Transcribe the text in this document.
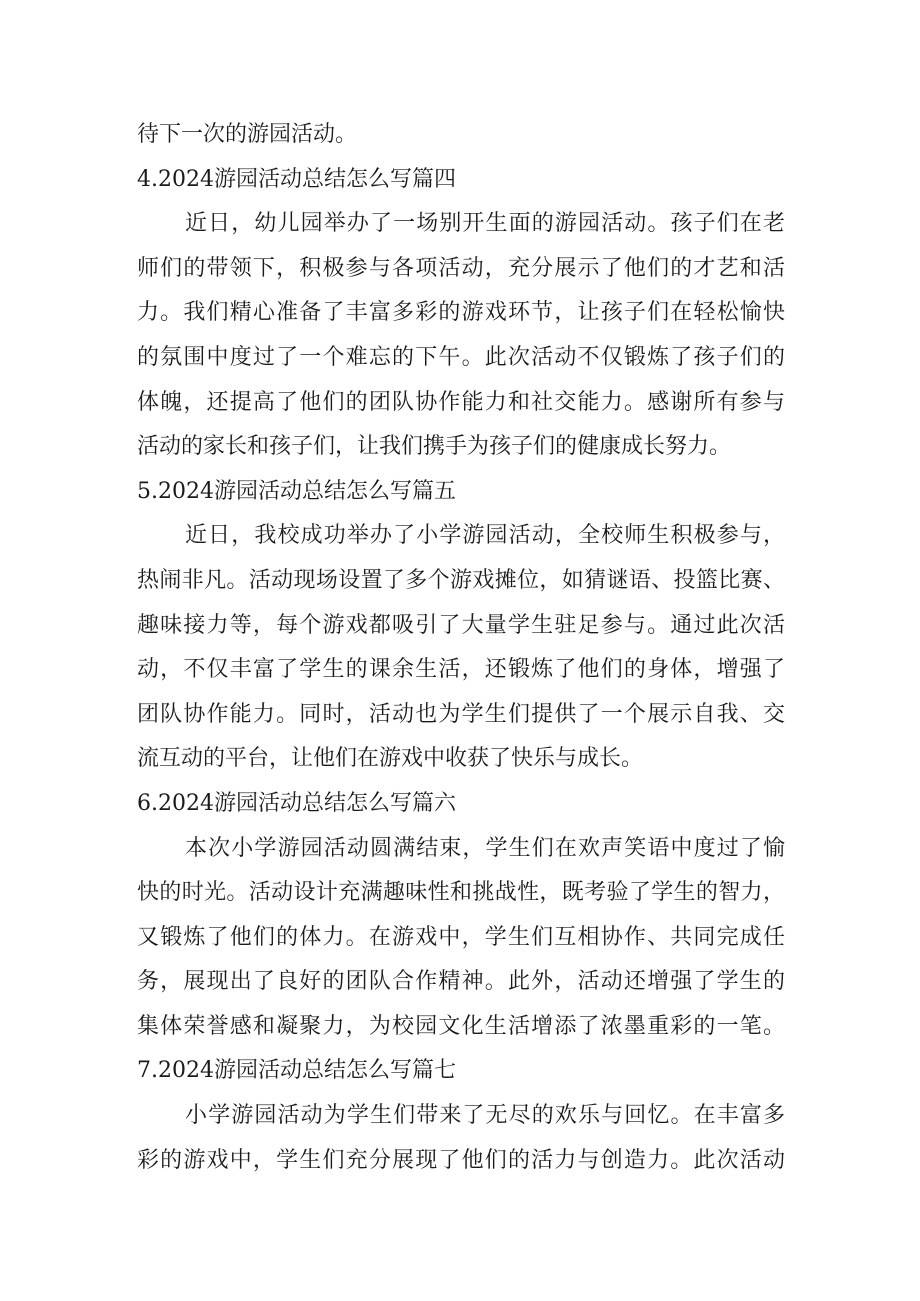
待下一次的游园活动。
4.2024游园活动总结怎么写篇四
近日，幼儿园举办了一场别开生面的游园活动。孩子们在老
师们的带领下，积极参与各项活动，充分展示了他们的才艺和活
力。我们精心准备了丰富多彩的游戏环节，让孩子们在轻松愉快
的氛围中度过了一个难忘的下午。此次活动不仅锻炼了孩子们的
体魄，还提高了他们的团队协作能力和社交能力。感谢所有参与
活动的家长和孩子们，让我们携手为孩子们的健康成长努力。
5.2024游园活动总结怎么写篇五
近日，我校成功举办了小学游园活动，全校师生积极参与，
热闹非凡。活动现场设置了多个游戏摊位，如猜谜语、投篮比赛、
趣味接力等，每个游戏都吸引了大量学生驻足参与。通过此次活
动，不仅丰富了学生的课余生活，还锻炼了他们的身体，增强了
团队协作能力。同时，活动也为学生们提供了一个展示自我、交
流互动的平台，让他们在游戏中收获了快乐与成长。
6.2024游园活动总结怎么写篇六
本次小学游园活动圆满结束，学生们在欢声笑语中度过了愉
快的时光。活动设计充满趣味性和挑战性，既考验了学生的智力，
又锻炼了他们的体力。在游戏中，学生们互相协作、共同完成任
务，展现出了良好的团队合作精神。此外，活动还增强了学生的
集体荣誉感和凝聚力，为校园文化生活增添了浓墨重彩的一笔。
7.2024游园活动总结怎么写篇七
小学游园活动为学生们带来了无尽的欢乐与回忆。在丰富多
彩的游戏中，学生们充分展现了他们的活力与创造力。此次活动
